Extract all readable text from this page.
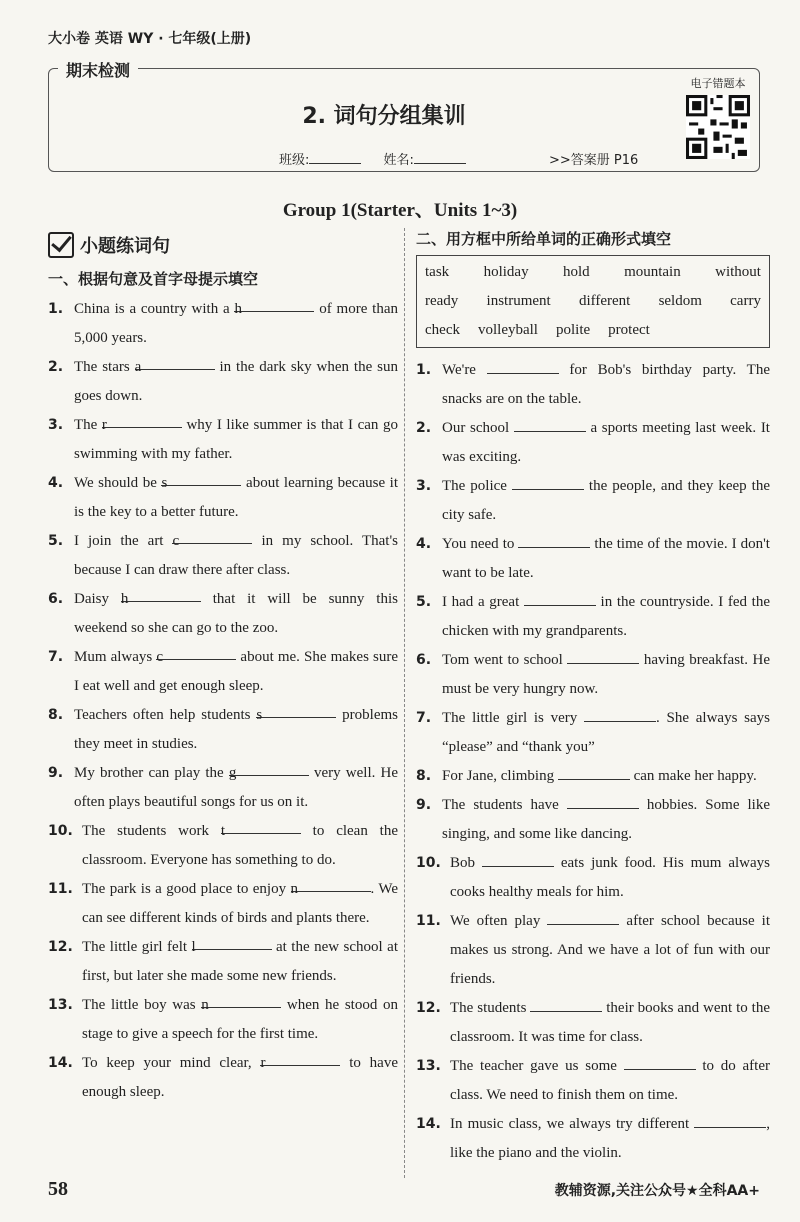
大小卷 英语 WY · 七年级(上册)
2. 词句分组集训
班级:	姓名:	>>答案册 P16
电子错题本
期末检测
Group 1(Starter、Units 1~3)
小题练词句
一、根据句意及首字母提示填空
1. China is a country with a h	of more than 5,000 years.
2. The stars a	in the dark sky when the sun goes down.
3. The r	why I like summer is that I can go swimming with my father.
4. We should be s	about learning because it is the key to a better future.
5. I join the art c	in my school. That's because I can draw there after class.
6. Daisy h	that it will be sunny this weekend so she can go to the zoo.
7. Mum always c	about me. She makes sure I eat well and get enough sleep.
8. Teachers often help students s	problems they meet in studies.
9. My brother can play the g	very well. He often plays beautiful songs for us on it.
10. The students work t	to clean the classroom. Everyone has something to do.
11. The park is a good place to enjoy n	. We can see different kinds of birds and plants there.
12. The little girl felt l	at the new school at first, but later she made some new friends.
13. The little boy was n	when he stood on stage to give a speech for the first time.
14. To keep your mind clear, r	to have enough sleep.
二、用方框中所给单词的正确形式填空
task holiday hold mountain without
ready instrument different seldom carry
check volleyball polite protect
1. We're	for Bob's birthday party. The snacks are on the table.
2. Our school	a sports meeting last week. It was exciting.
3. The police	the people, and they keep the city safe.
4. You need to	the time of the movie. I don't want to be late.
5. I had a great	in the countryside. I fed the chicken with my grandparents.
6. Tom went to school	having breakfast. He must be very hungry now.
7. The little girl is very	. She always says “please” and “thank you”
8. For Jane, climbing	can make her happy.
9. The students have	hobbies. Some like singing, and some like dancing.
10. Bob	eats junk food. His mum always cooks healthy meals for him.
11. We often play	after school because it makes us strong. And we have a lot of fun with our friends.
12. The students	their books and went to the classroom. It was time for class.
13. The teacher gave us some	to do after class. We need to finish them on time.
14. In music class, we always try different	, like the piano and the violin.
58	教辅资源,关注公众号★全科AA+
